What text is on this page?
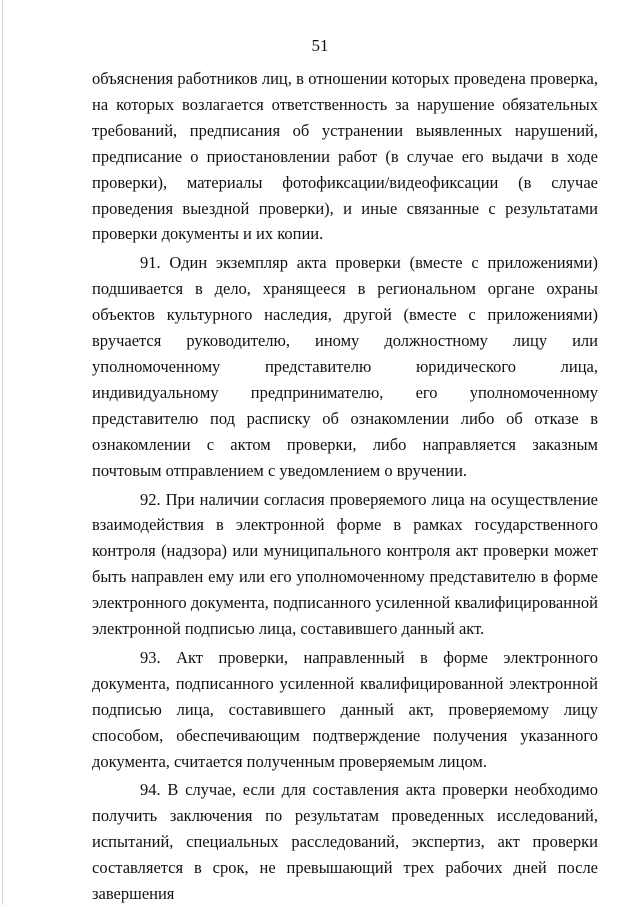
51

объяснения работников лиц, в отношении которых проведена проверка, на которых возлагается ответственность за нарушение обязательных требований, предписания об устранении выявленных нарушений, предписание о приостановлении работ (в случае его выдачи в ходе проверки), материалы фотофиксации/видеофиксации (в случае проведения выездной проверки), и иные связанные с результатами проверки документы и их копии.

91. Один экземпляр акта проверки (вместе с приложениями) подшивается в дело, хранящееся в региональном органе охраны объектов культурного наследия, другой (вместе с приложениями) вручается руководителю, иному должностному лицу или уполномоченному представителю юридического лица, индивидуальному предпринимателю, его уполномоченному представителю под расписку об ознакомлении либо об отказе в ознакомлении с актом проверки, либо направляется заказным почтовым отправлением с уведомлением о вручении.

92. При наличии согласия проверяемого лица на осуществление взаимодействия в электронной форме в рамках государственного контроля (надзора) или муниципального контроля акт проверки может быть направлен ему или его уполномоченному представителю в форме электронного документа, подписанного усиленной квалифицированной электронной подписью лица, составившего данный акт.

93. Акт проверки, направленный в форме электронного документа, подписанного усиленной квалифицированной электронной подписью лица, составившего данный акт, проверяемому лицу способом, обеспечивающим подтверждение получения указанного документа, считается полученным проверяемым лицом.

94. В случае, если для составления акта проверки необходимо получить заключения по результатам проведенных исследований, испытаний, специальных расследований, экспертиз, акт проверки составляется в срок, не превышающий трех рабочих дней после завершения
